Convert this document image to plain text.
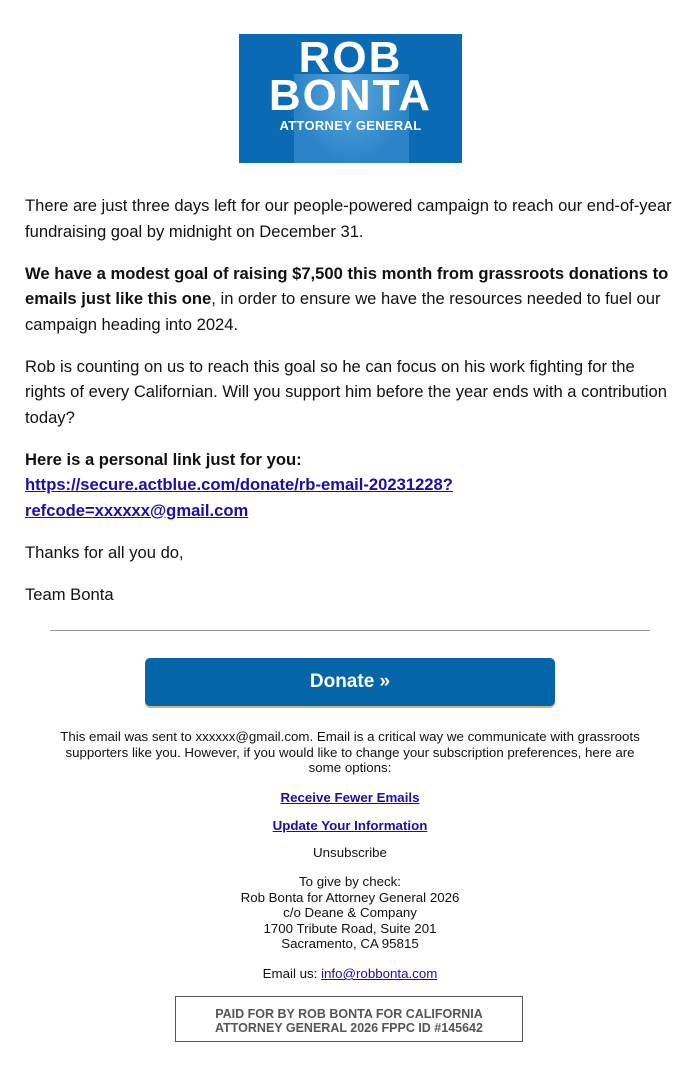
ROB
BONTA
ATTORNEY GENERAL

There are just three days left for our people-powered campaign to reach our end-of-year fundraising goal by midnight on December 31.

We have a modest goal of raising $7,500 this month from grassroots donations to emails just like this one, in order to ensure we have the resources needed to fuel our campaign heading into 2024.

Rob is counting on us to reach this goal so he can focus on his work fighting for the rights of every Californian. Will you support him before the year ends with a contribution today?

Here is a personal link just for you:
https://secure.actblue.com/donate/rb-email-20231228?
refcode=xxxxxx@gmail.com

Thanks for all you do,

Team Bonta

Donate »
This email was sent to xxxxxx@gmail.com. Email is a critical way we communicate with grassroots supporters like you. However, if you would like to change your subscription preferences, here are some options:
Receive Fewer Emails
Update Your Information
Unsubscribe
To give by check:
Rob Bonta for Attorney General 2026
c/o Deane & Company
1700 Tribute Road, Suite 201
Sacramento, CA 95815
Email us: info@robbonta.com
PAID FOR BY ROB BONTA FOR CALIFORNIA
ATTORNEY GENERAL 2026 FPPC ID #145642
